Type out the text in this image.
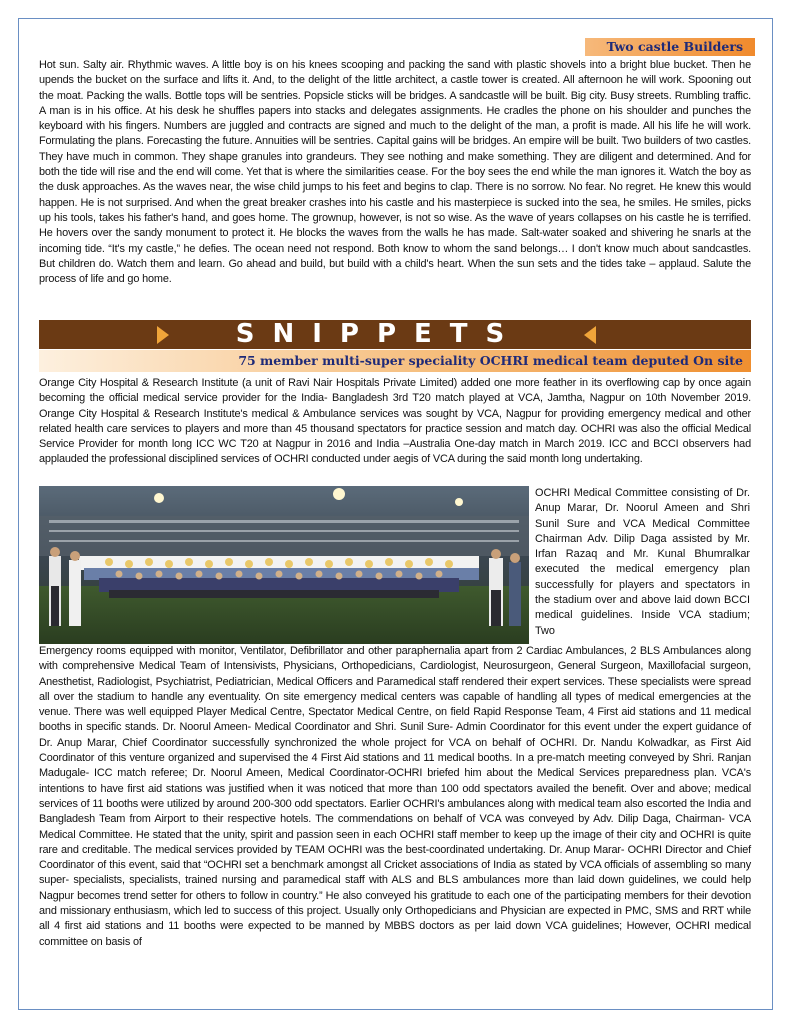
Two castle Builders
Hot sun. Salty air. Rhythmic waves. A little boy is on his knees scooping and packing the sand with plastic shovels into a bright blue bucket. Then he upends the bucket on the surface and lifts it. And, to the delight of the little architect, a castle tower is created. All afternoon he will work. Spooning out the moat. Packing the walls. Bottle tops will be sentries. Popsicle sticks will be bridges. A sandcastle will be built. Big city. Busy streets. Rumbling traffic. A man is in his office. At his desk he shuffles papers into stacks and delegates assignments. He cradles the phone on his shoulder and punches the keyboard with his fingers. Numbers are juggled and contracts are signed and much to the delight of the man, a profit is made. All his life he will work. Formulating the plans. Forecasting the future. Annuities will be sentries. Capital gains will be bridges. An empire will be built. Two builders of two castles. They have much in common. They shape granules into grandeurs. They see nothing and make something. They are diligent and determined. And for both the tide will rise and the end will come. Yet that is where the similarities cease. For the boy sees the end while the man ignores it. Watch the boy as the dusk approaches. As the waves near, the wise child jumps to his feet and begins to clap. There is no sorrow. No fear. No regret. He knew this would happen. He is not surprised. And when the great breaker crashes into his castle and his masterpiece is sucked into the sea, he smiles. He smiles, picks up his tools, takes his father's hand, and goes home. The grownup, however, is not so wise. As the wave of years collapses on his castle he is terrified. He hovers over the sandy monument to protect it. He blocks the waves from the walls he has made. Salt-water soaked and shivering he snarls at the incoming tide. “It's my castle,” he defies. The ocean need not respond. Both know to whom the sand belongs… I don't know much about sandcastles. But children do. Watch them and learn. Go ahead and build, but build with a child's heart. When the sun sets and the tides take – applaud. Salute the process of life and go home.
SNIPPETS
75 member multi-super speciality OCHRI medical team deputed On site
Orange City Hospital & Research Institute (a unit of Ravi Nair Hospitals Private Limited) added one more feather in its overflowing cap by once again becoming the official medical service provider for the India- Bangladesh 3rd T20 match played at VCA, Jamtha, Nagpur on 10th November 2019. Orange City Hospital & Research Institute's medical & Ambulance services was sought by VCA, Nagpur for providing emergency medical and other related health care services to players and more than 45 thousand spectators for practice session and match day. OCHRI was also the official Medical Service Provider for month long ICC WC T20 at Nagpur in 2016 and India –Australia One-day match in March 2019. ICC and BCCI observers had applauded the professional disciplined services of OCHRI conducted under aegis of VCA during the said month long undertaking.
OCHRI Medical Committee consisting of Dr. Anup Marar, Dr. Noorul Ameen and Shri Sunil Sure and VCA Medical Committee Chairman Adv. Dilip Daga assisted by Mr. Irfan Razaq and Mr. Kunal Bhumralkar executed the medical emergency plan successfully for players and spectators in the stadium over and above laid down BCCI medical guidelines. Inside VCA stadium; Two
Emergency rooms equipped with monitor, Ventilator, Defibrillator and other paraphernalia apart from 2 Cardiac Ambulances, 2 BLS Ambulances along with comprehensive Medical Team of Intensivists, Physicians, Orthopedicians, Cardiologist, Neurosurgeon, General Surgeon, Maxillofacial surgeon, Anesthetist, Radiologist, Psychiatrist, Pediatrician, Medical Officers and Paramedical staff rendered their expert services. These specialists were spread all over the stadium to handle any eventuality. On site emergency medical centers was capable of handling all types of medical emergencies at the venue. There was well equipped Player Medical Centre, Spectator Medical Centre, on field Rapid Response Team, 4 First aid stations and 11 medical booths in specific stands. Dr. Noorul Ameen- Medical Coordinator and Shri. Sunil Sure- Admin Coordinator for this event under the expert guidance of Dr. Anup Marar, Chief Coordinator successfully synchronized the whole project for VCA on behalf of OCHRI. Dr. Nandu Kolwadkar, as First Aid Coordinator of this venture organized and supervised the 4 First Aid stations and 11 medical booths. In a pre-match meeting conveyed by Shri. Ranjan Madugale- ICC match referee; Dr. Noorul Ameen, Medical Coordinator-OCHRI briefed him about the Medical Services preparedness plan. VCA's intentions to have first aid stations was justified when it was noticed that more than 100 odd spectators availed the benefit. Over and above; medical services of 11 booths were utilized by around 200-300 odd spectators. Earlier OCHRI's ambulances along with medical team also escorted the India and Bangladesh Team from Airport to their respective hotels. The commendations on behalf of VCA was conveyed by Adv. Dilip Daga, Chairman- VCA Medical Committee. He stated that the unity, spirit and passion seen in each OCHRI staff member to keep up the image of their city and OCHRI is quite rare and creditable. The medical services provided by TEAM OCHRI was the best-coordinated undertaking. Dr. Anup Marar- OCHRI Director and Chief Coordinator of this event, said that “OCHRI set a benchmark amongst all Cricket associations of India as stated by VCA officials of assembling so many super- specialists, specialists, trained nursing and paramedical staff with ALS and BLS ambulances more than laid down guidelines, we could help Nagpur becomes trend setter for others to follow in country.” He also conveyed his gratitude to each one of the participating members for their devotion and missionary enthusiasm, which led to success of this project. Usually only Orthopedicians and Physician are expected in PMC, SMS and RRT while all 4 first aid stations and 11 booths were expected to be manned by MBBS doctors as per laid down VCA guidelines; However, OCHRI medical committee on basis of
